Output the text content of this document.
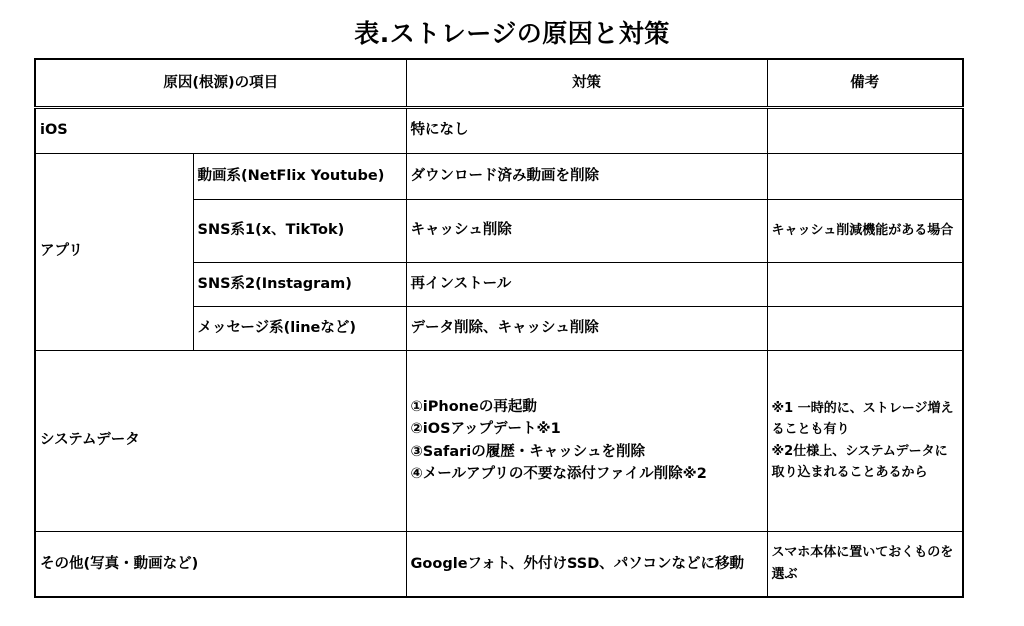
表.ストレージの原因と対策
原因(根源)の項目		対策	備考
iOS		特になし	
アプリ	動画系(NetFlix Youtube)	ダウンロード済み動画を削除	
	SNS系1(x、TikTok)	キャッシュ削除	キャッシュ削減機能がある場合
	SNS系2(Instagram)	再インストール	
	メッセージ系(lineなど)	データ削除、キャッシュ削除	
システムデータ		①iPhoneの再起動
②iOSアップデート※1
③Safariの履歴・キャッシュを削除
④メールアプリの不要な添付ファイル削除※2	※1 一時的に、ストレージ増えることも有り
※2仕様上、システムデータに取り込まれることあるから

その他(写真・動画など)		Googleフォト、外付けSSD、パソコンなどに移動	スマホ本体に置いておくものを選ぶ
